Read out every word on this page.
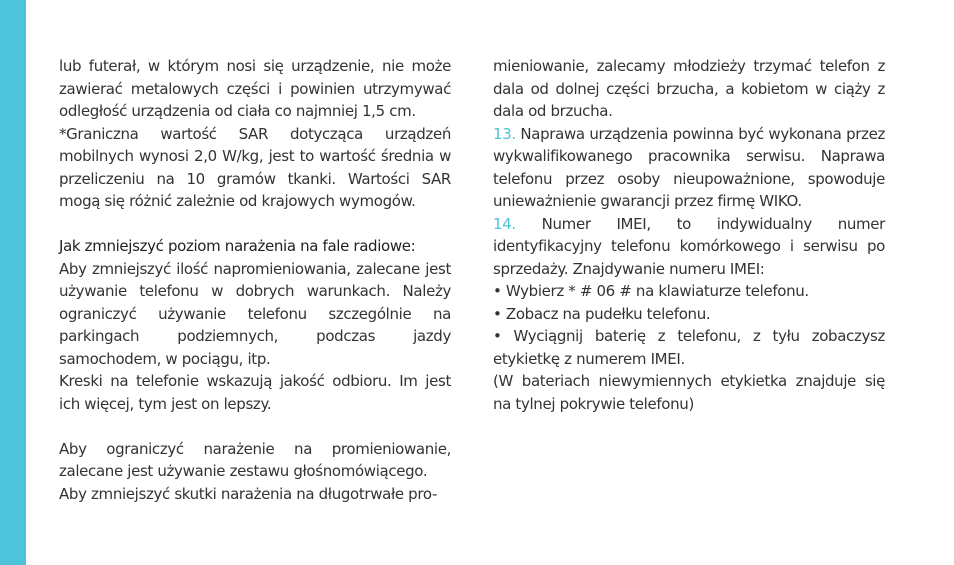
lub futerał, w którym nosi się urządzenie, nie może zawierać metalowych części i powinien utrzymywać odległość urządzenia od ciała co najmniej 1,5 cm.

*Graniczna wartość SAR dotycząca urządzeń mobilnych wynosi 2,0 W/kg, jest to wartość średnia w przeliczeniu na 10 gramów tkanki. Wartości SAR mogą się różnić zależnie od krajowych wymogów.

Jak zmniejszyć poziom narażenia na fale radiowe:

Aby zmniejszyć ilość napromieniowania, zalecane jest używanie telefonu w dobrych warunkach. Należy ograniczyć używanie telefonu szczególnie na parkingach podziemnych, podczas jazdy samochodem, w pociągu, itp.

Kreski na telefonie wskazują jakość odbioru. Im jest ich więcej, tym jest on lepszy.

Aby ograniczyć narażenie na promieniowanie, zalecane jest używanie zestawu głośnomówiącego.

Aby zmniejszyć skutki narażenia na długotrwałe pro-

mieniowanie, zalecamy młodzieży trzymać telefon z dala od dolnej części brzucha, a kobietom w ciąży z dala od brzucha.

13. Naprawa urządzenia powinna być wykonana przez wykwalifikowanego pracownika serwisu. Naprawa telefonu przez osoby nieupoważnione, spowoduje unieważnienie gwarancji przez firmę WIKO.

14. Numer IMEI, to indywidualny numer identyfikacyjny telefonu komórkowego i serwisu po sprzedaży. Znajdywanie numeru IMEI:

• Wybierz * # 06 # na klawiaturze telefonu.

• Zobacz na pudełku telefonu.

• Wyciągnij baterię z telefonu, z tyłu zobaczysz etykietkę z numerem IMEI.

(W bateriach niewymiennych etykietka znajduje się na tylnej pokrywie telefonu)
